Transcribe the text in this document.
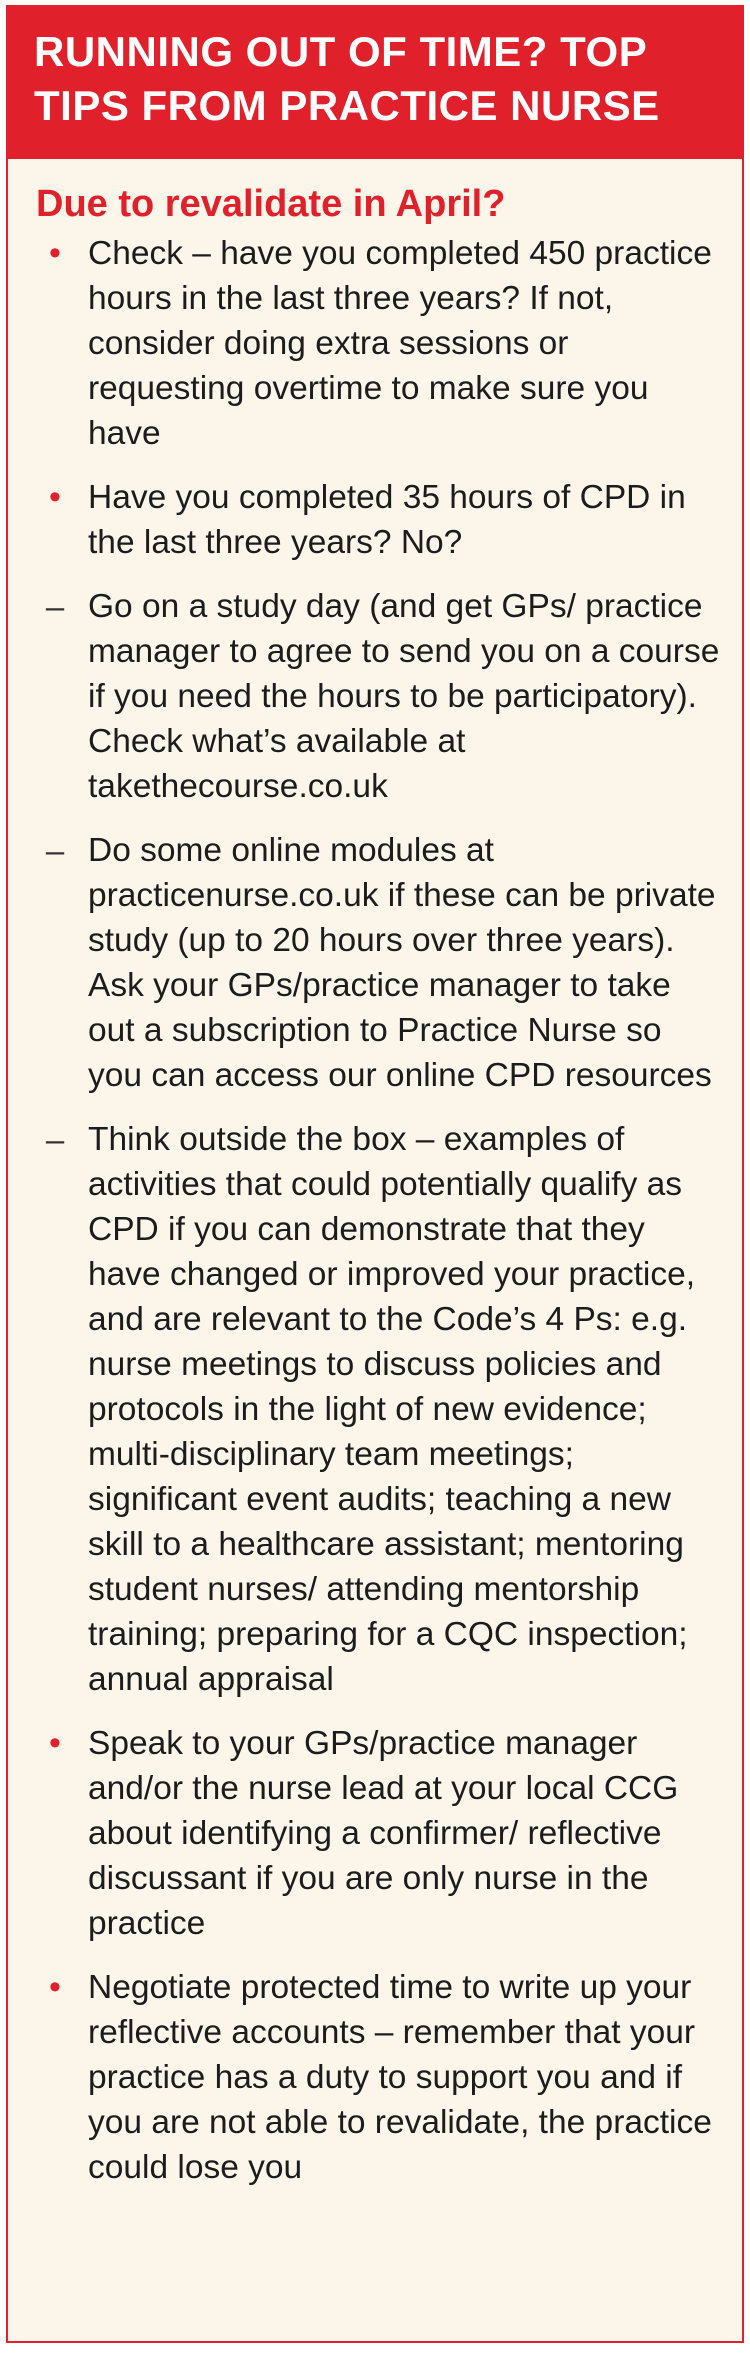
RUNNING OUT OF TIME? TOP TIPS FROM PRACTICE NURSE
Due to revalidate in April?
• Check – have you completed 450 practice hours in the last three years? If not, consider doing extra sessions or requesting overtime to make sure you have
• Have you completed 35 hours of CPD in the last three years? No?
– Go on a study day (and get GPs/ practice manager to agree to send you on a course if you need the hours to be participatory). Check what’s available at takethecourse.co.uk
– Do some online modules at practicenurse.co.uk if these can be private study (up to 20 hours over three years). Ask your GPs/practice manager to take out a subscription to Practice Nurse so you can access our online CPD resources
– Think outside the box – examples of activities that could potentially qualify as CPD if you can demonstrate that they have changed or improved your practice, and are relevant to the Code’s 4 Ps: e.g. nurse meetings to discuss policies and protocols in the light of new evidence; multi-disciplinary team meetings; significant event audits; teaching a new skill to a healthcare assistant; mentoring student nurses/ attending mentorship training; preparing for a CQC inspection; annual appraisal
• Speak to your GPs/practice manager and/or the nurse lead at your local CCG about identifying a confirmer/ reflective discussant if you are only nurse in the practice
• Negotiate protected time to write up your reflective accounts – remember that your practice has a duty to support you and if you are not able to revalidate, the practice could lose you
